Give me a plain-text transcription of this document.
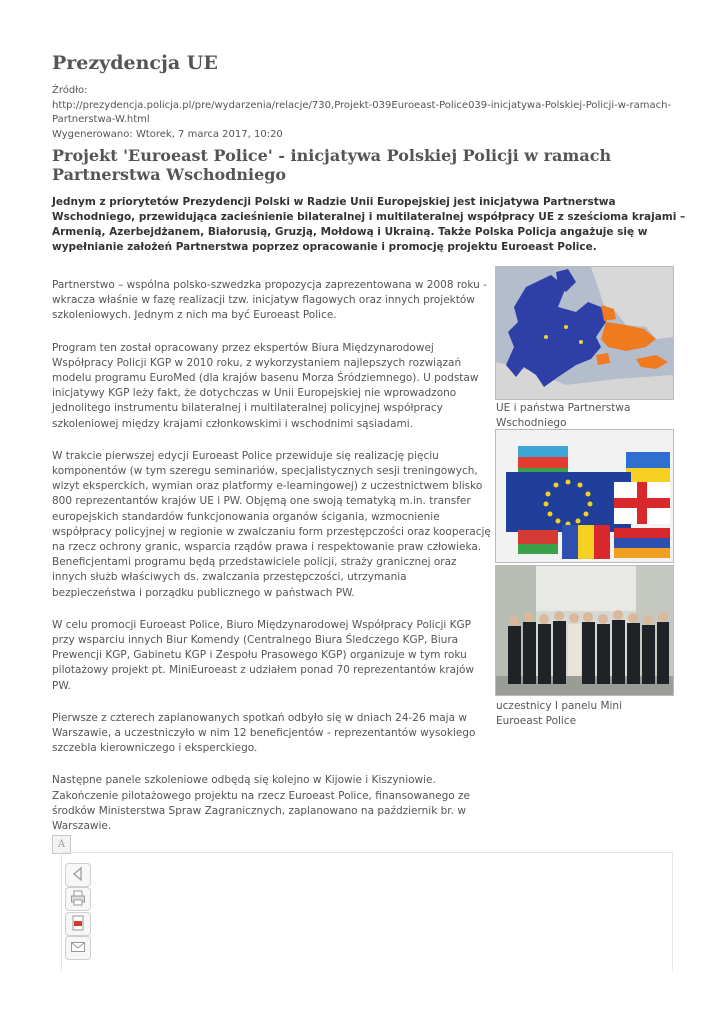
Prezydencja UE
Źródło:
http://prezydencja.policja.pl/pre/wydarzenia/relacje/730,Projekt-039Euroeast-Police039-inicjatywa-Polskiej-Policji-w-ramach-Partnerstwa-W.html
Wygenerowano: Wtorek, 7 marca 2017, 10:20
Projekt 'Euroeast Police' - inicjatywa Polskiej Policji w ramach Partnerstwa Wschodniego
Jednym z priorytetów Prezydencji Polski w Radzie Unii Europejskiej jest inicjatywa Partnerstwa Wschodniego, przewidująca zacieśnienie bilateralnej i multilateralnej współpracy UE z sześcioma krajami – Armenią, Azerbejdżanem, Białorusią, Gruzją, Mołdową i Ukrainą. Także Polska Policja angażuje się w wypełnianie założeń Partnerstwa poprzez opracowanie i promocję projektu Euroeast Police.

Partnerstwo – wspólna polsko-szwedzka propozycja zaprezentowana w 2008 roku - wkracza właśnie w fazę realizacji tzw. inicjatyw flagowych oraz innych projektów szkoleniowych. Jednym z nich ma być Euroeast Police.

Program ten został opracowany przez ekspertów Biura Międzynarodowej Współpracy Policji KGP w 2010 roku, z wykorzystaniem najlepszych rozwiązań modelu programu EuroMed (dla krajów basenu Morza Śródziemnego). U podstaw inicjatywy KGP leży fakt, że dotychczas w Unii Europejskiej nie wprowadzono jednolitego instrumentu bilateralnej i multilateralnej policyjnej współpracy szkoleniowej między krajami członkowskimi i wschodnimi sąsiadami.

W trakcie pierwszej edycji Euroeast Police przewiduje się realizację pięciu komponentów (w tym szeregu seminariów, specjalistycznych sesji treningowych, wizyt eksperckich, wymian oraz platformy e-learningowej) z uczestnictwem blisko 800 reprezentantów krajów UE i PW. Objęmą one swoją tematyką m.in. transfer europejskich standardów funkcjonowania organów ścigania, wzmocnienie współpracy policyjnej w regionie w zwalczaniu form przestępczości oraz kooperację na rzecz ochrony granic, wsparcia rządów prawa i respektowanie praw człowieka. Beneficjentami programu będą przedstawiciele policji, straży granicznej oraz innych służb właściwych ds. zwalczania przestępczości, utrzymania bezpieczeństwa i porządku publicznego w państwach PW.

W celu promocji Euroeast Police, Biuro Międzynarodowej Współpracy Policji KGP przy wsparciu innych Biur Komendy (Centralnego Biura Śledczego KGP, Biura Prewencji KGP, Gabinetu KGP i Zespołu Prasowego KGP) organizuje w tym roku pilotażowy projekt pt. MiniEuroeast z udziałem ponad 70 reprezentantów krajów PW.

Pierwsze z czterech zaplanowanych spotkań odbyło się w dniach 24-26 maja w Warszawie, a uczestniczyło w nim 12 beneficjentów - reprezentantów wysokiego szczebla kierowniczego i eksperckiego.

Następne panele szkoleniowe odbędą się kolejno w Kijowie i Kiszyniowie. Zakończenie pilotażowego projektu na rzecz Euroeast Police, finansowanego ze środków Ministerstwa Spraw Zagranicznych, zaplanowano na październik br. w Warszawie.

UE i państwa Partnerstwa Wschodniego
uczestnicy I panelu Mini Euroeast Police
A
